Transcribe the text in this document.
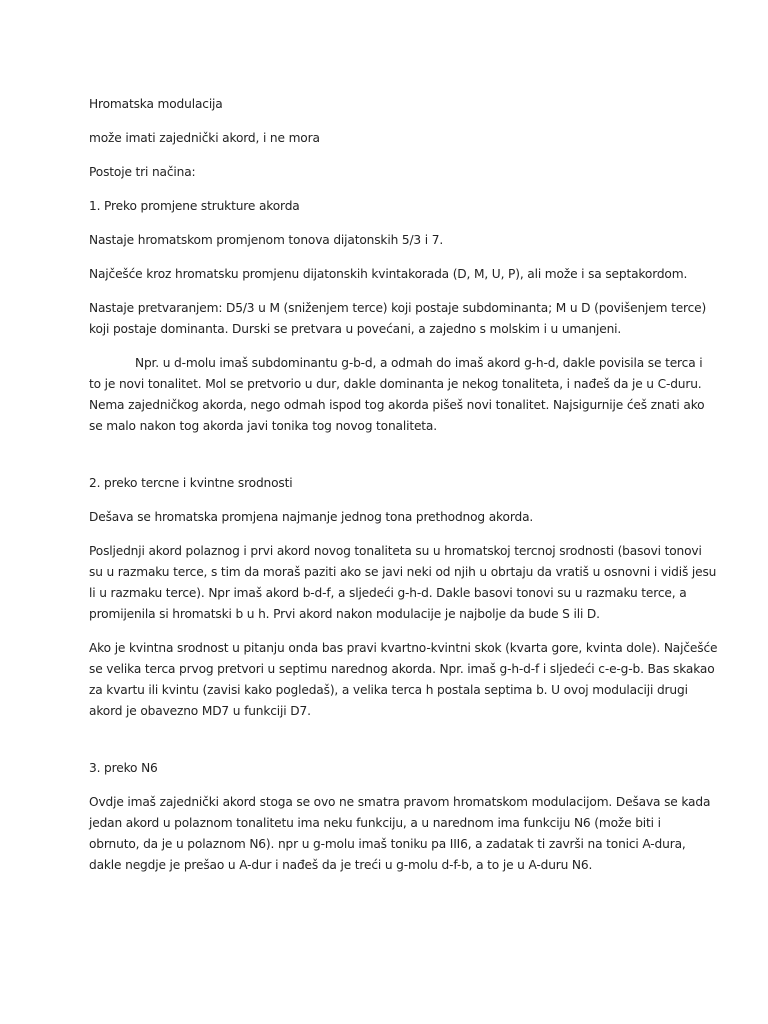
Hromatska modulacija

može imati zajednički akord, i ne mora

Postoje tri načina:

1. Preko promjene strukture akorda

Nastaje hromatskom promjenom tonova dijatonskih 5/3 i 7.

Najčešće kroz hromatsku promjenu dijatonskih kvintakorada (D, M, U, P), ali može i sa septakordom.

Nastaje pretvaranjem: D5/3 u M (sniženjem terce) koji postaje subdominanta; M u D (povišenjem terce)
koji postaje dominanta. Durski se pretvara u povećani, a zajedno s molskim i u umanjeni.

Npr. u d-molu imaš subdominantu g-b-d, a odmah do imaš akord g-h-d, dakle povisila se terca i
to je novi tonalitet. Mol se pretvorio u dur, dakle dominanta je nekog tonaliteta, i nađeš da je u C-duru.
Nema zajedničkog akorda, nego odmah ispod tog akorda pišeš novi tonalitet. Najsigurnije ćeš znati ako
se malo nakon tog akorda javi tonika tog novog tonaliteta.

2. preko tercne i kvintne srodnosti

Dešava se hromatska promjena najmanje jednog tona prethodnog akorda.

Posljednji akord polaznog i prvi akord novog tonaliteta su u hromatskoj tercnoj srodnosti (basovi tonovi
su u razmaku terce, s tim da moraš paziti ako se javi neki od njih u obrtaju da vratiš u osnovni i vidiš jesu
li u razmaku terce). Npr imaš akord b-d-f, a sljedeći g-h-d. Dakle basovi tonovi su u razmaku terce, a
promijenila si hromatski b u h. Prvi akord nakon modulacije je najbolje da bude S ili D.

Ako je kvintna srodnost u pitanju onda bas pravi kvartno-kvintni skok (kvarta gore, kvinta dole). Najčešće
se velika terca prvog pretvori u septimu narednog akorda. Npr. imaš g-h-d-f i sljedeći c-e-g-b. Bas skakao
za kvartu ili kvintu (zavisi kako pogledaš), a velika terca h postala septima b. U ovoj modulaciji drugi
akord je obavezno MD7 u funkciji D7.

3. preko N6

Ovdje imaš zajednički akord stoga se ovo ne smatra pravom hromatskom modulacijom. Dešava se kada
jedan akord u polaznom tonalitetu ima neku funkciju, a u narednom ima funkciju N6 (može biti i
obrnuto, da je u polaznom N6). npr u g-molu imaš toniku pa III6, a zadatak ti završi na tonici A-dura,
dakle negdje je prešao u A-dur i nađeš da je treći u g-molu d-f-b, a to je u A-duru N6.
